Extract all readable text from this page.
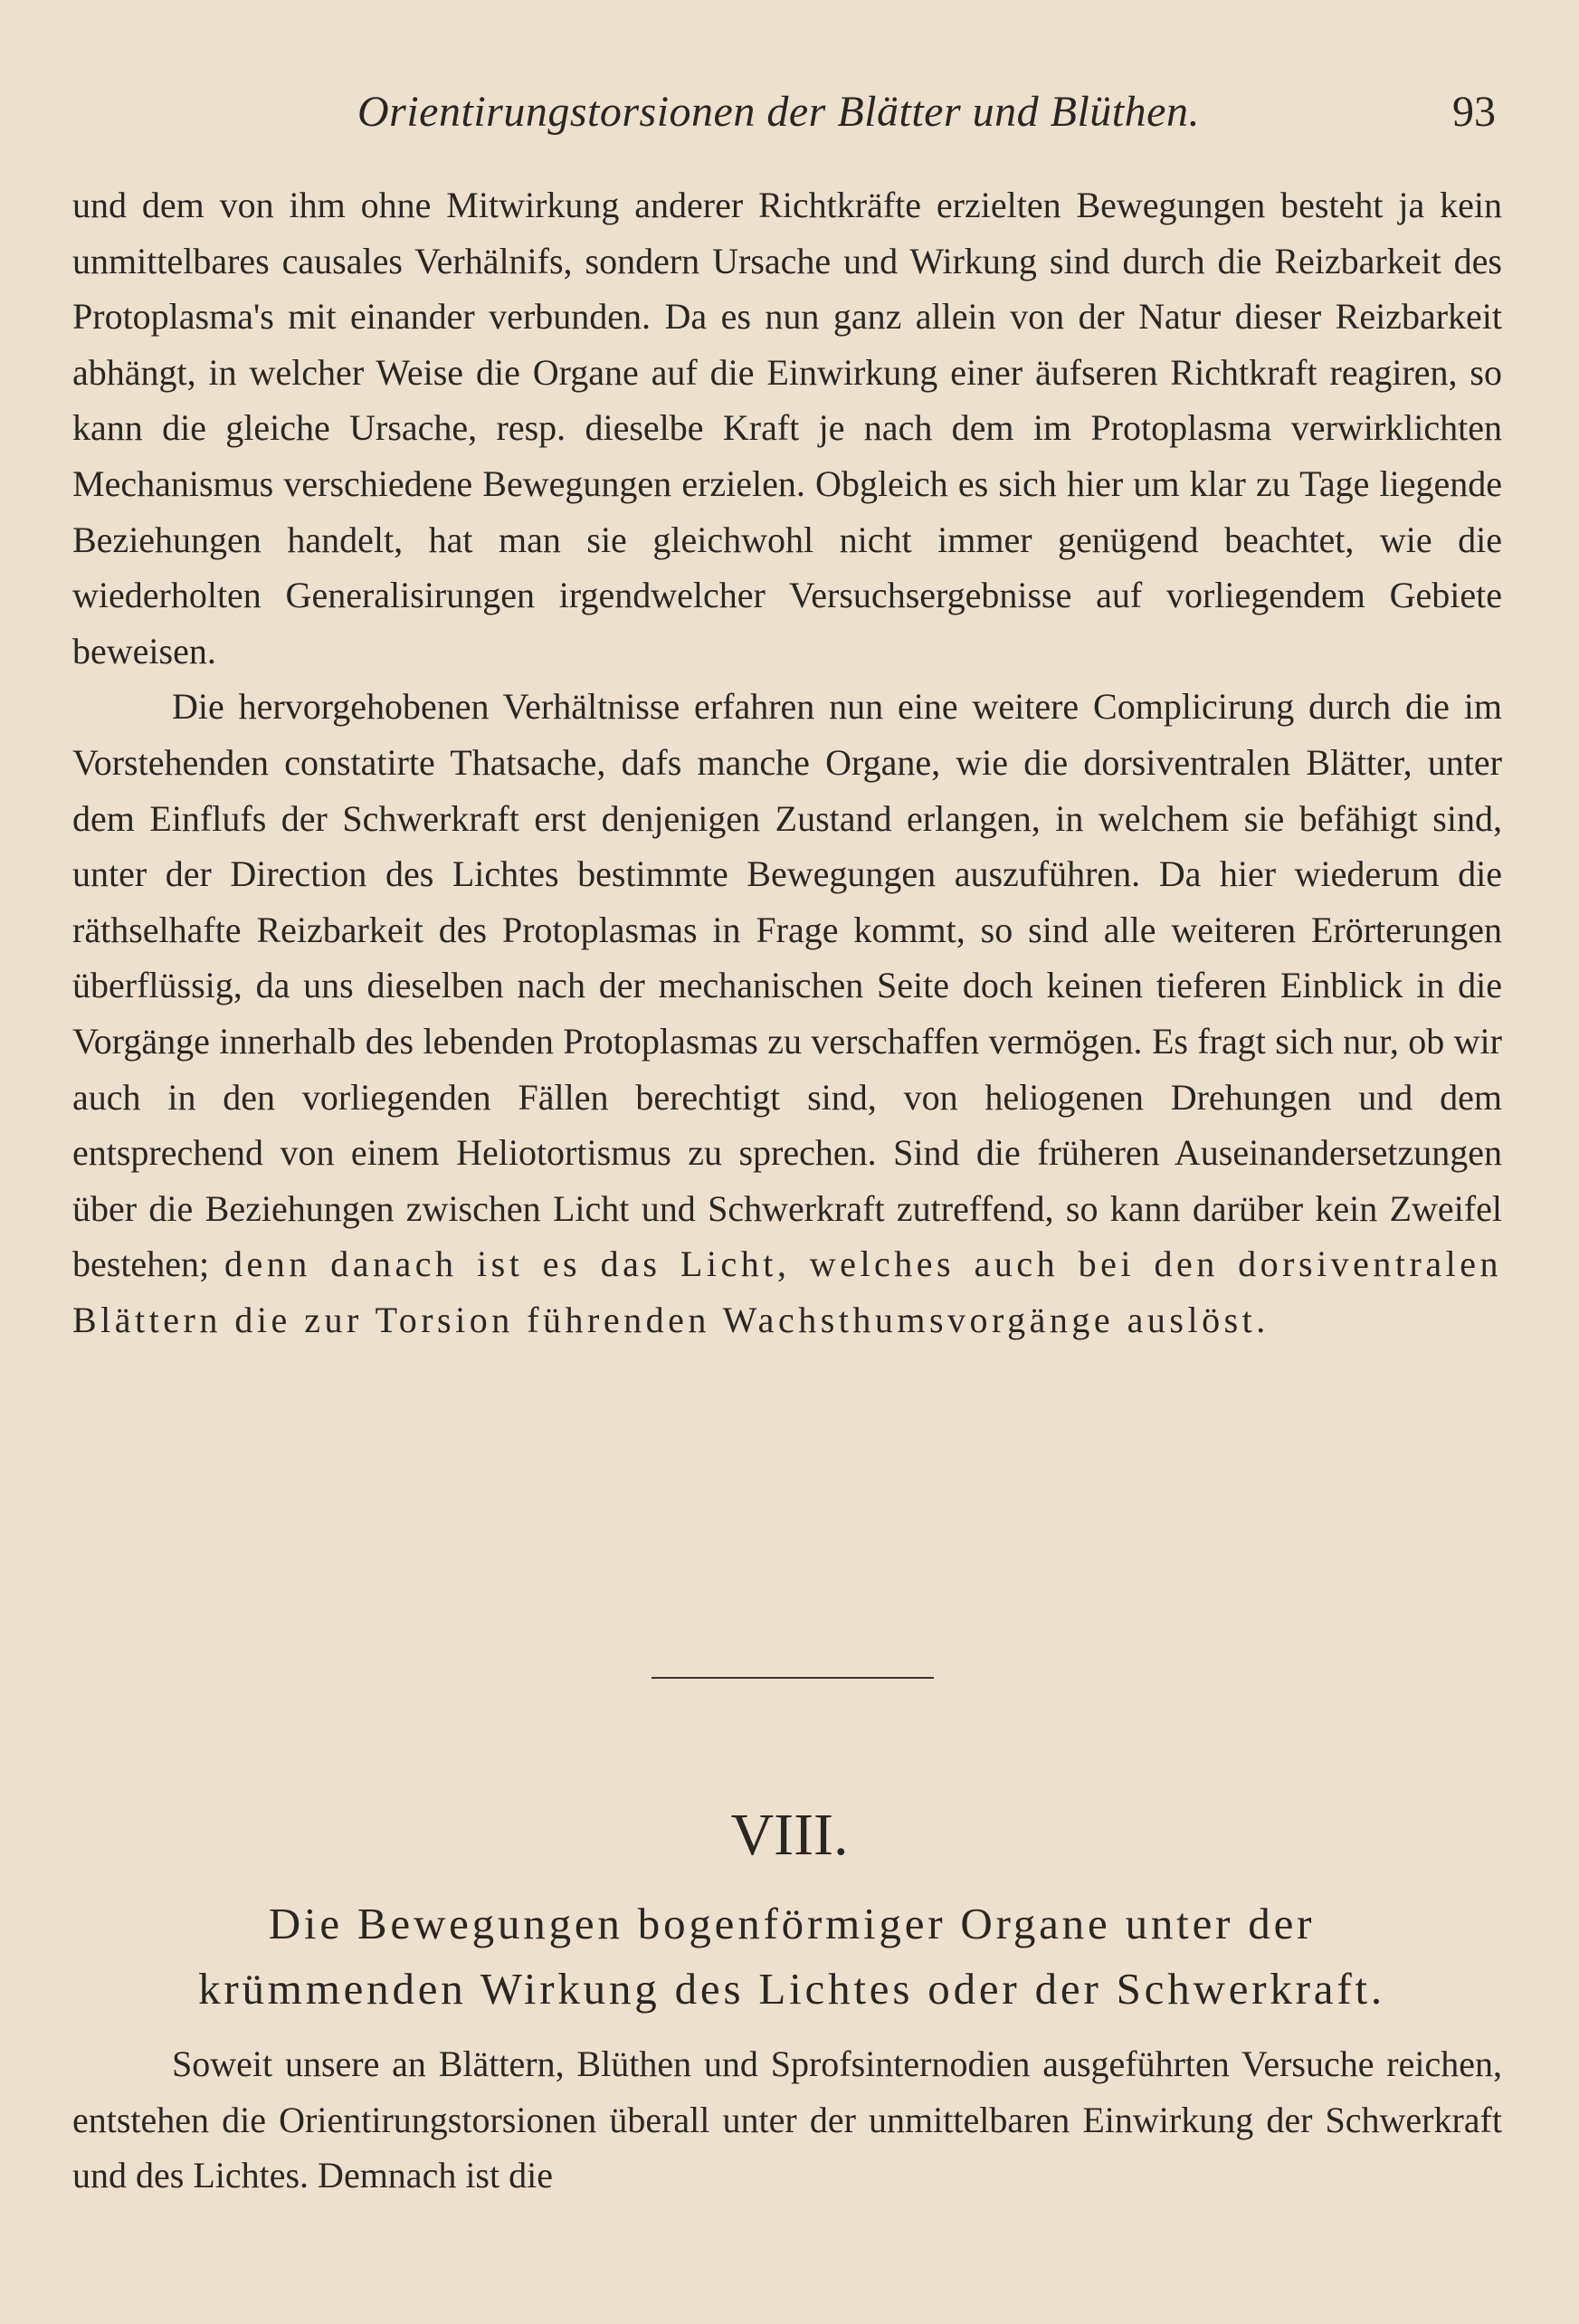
Orientirungstorsionen der Blätter und Blüthen.	93

und dem von ihm ohne Mitwirkung anderer Richtkräfte erzielten Bewegungen besteht ja kein unmittelbares causales Verhälnifs, sondern Ursache und Wirkung sind durch die Reizbarkeit des Protoplasma's mit einander verbunden. Da es nun ganz allein von der Natur dieser Reizbarkeit abhängt, in welcher Weise die Organe auf die Einwirkung einer äufseren Richtkraft reagiren, so kann die gleiche Ursache, resp. dieselbe Kraft je nach dem im Protoplasma verwirklichten Mechanismus verschiedene Bewegungen erzielen. Obgleich es sich hier um klar zu Tage liegende Beziehungen handelt, hat man sie gleichwohl nicht immer genügend beachtet, wie die wiederholten Generalisirungen irgendwelcher Versuchsergebnisse auf vorliegendem Gebiete beweisen.

Die hervorgehobenen Verhältnisse erfahren nun eine weitere Complicirung durch die im Vorstehenden constatirte Thatsache, dafs manche Organe, wie die dorsiventralen Blätter, unter dem Einflufs der Schwerkraft erst denjenigen Zustand erlangen, in welchem sie befähigt sind, unter der Direction des Lichtes bestimmte Bewegungen auszuführen. Da hier wiederum die räthselhafte Reizbarkeit des Protoplasmas in Frage kommt, so sind alle weiteren Erörterungen überflüssig, da uns dieselben nach der mechanischen Seite doch keinen tieferen Einblick in die Vorgänge innerhalb des lebenden Protoplasmas zu verschaffen vermögen. Es fragt sich nur, ob wir auch in den vorliegenden Fällen berechtigt sind, von heliogenen Drehungen und dem entsprechend von einem Heliotortismus zu sprechen. Sind die früheren Auseinandersetzungen über die Beziehungen zwischen Licht und Schwerkraft zutreffend, so kann darüber kein Zweifel bestehen; denn danach ist es das Licht, welches auch bei den dorsiventralen Blättern die zur Torsion führenden Wachsthumsvorgänge auslöst.

VIII.
Die Bewegungen bogenförmiger Organe unter der
krümmenden Wirkung des Lichtes oder der Schwerkraft.

Soweit unsere an Blättern, Blüthen und Sprofsinternodien ausgeführten Versuche reichen, entstehen die Orientirungstorsionen überall unter der unmittelbaren Einwirkung der Schwerkraft und des Lichtes. Demnach ist die
